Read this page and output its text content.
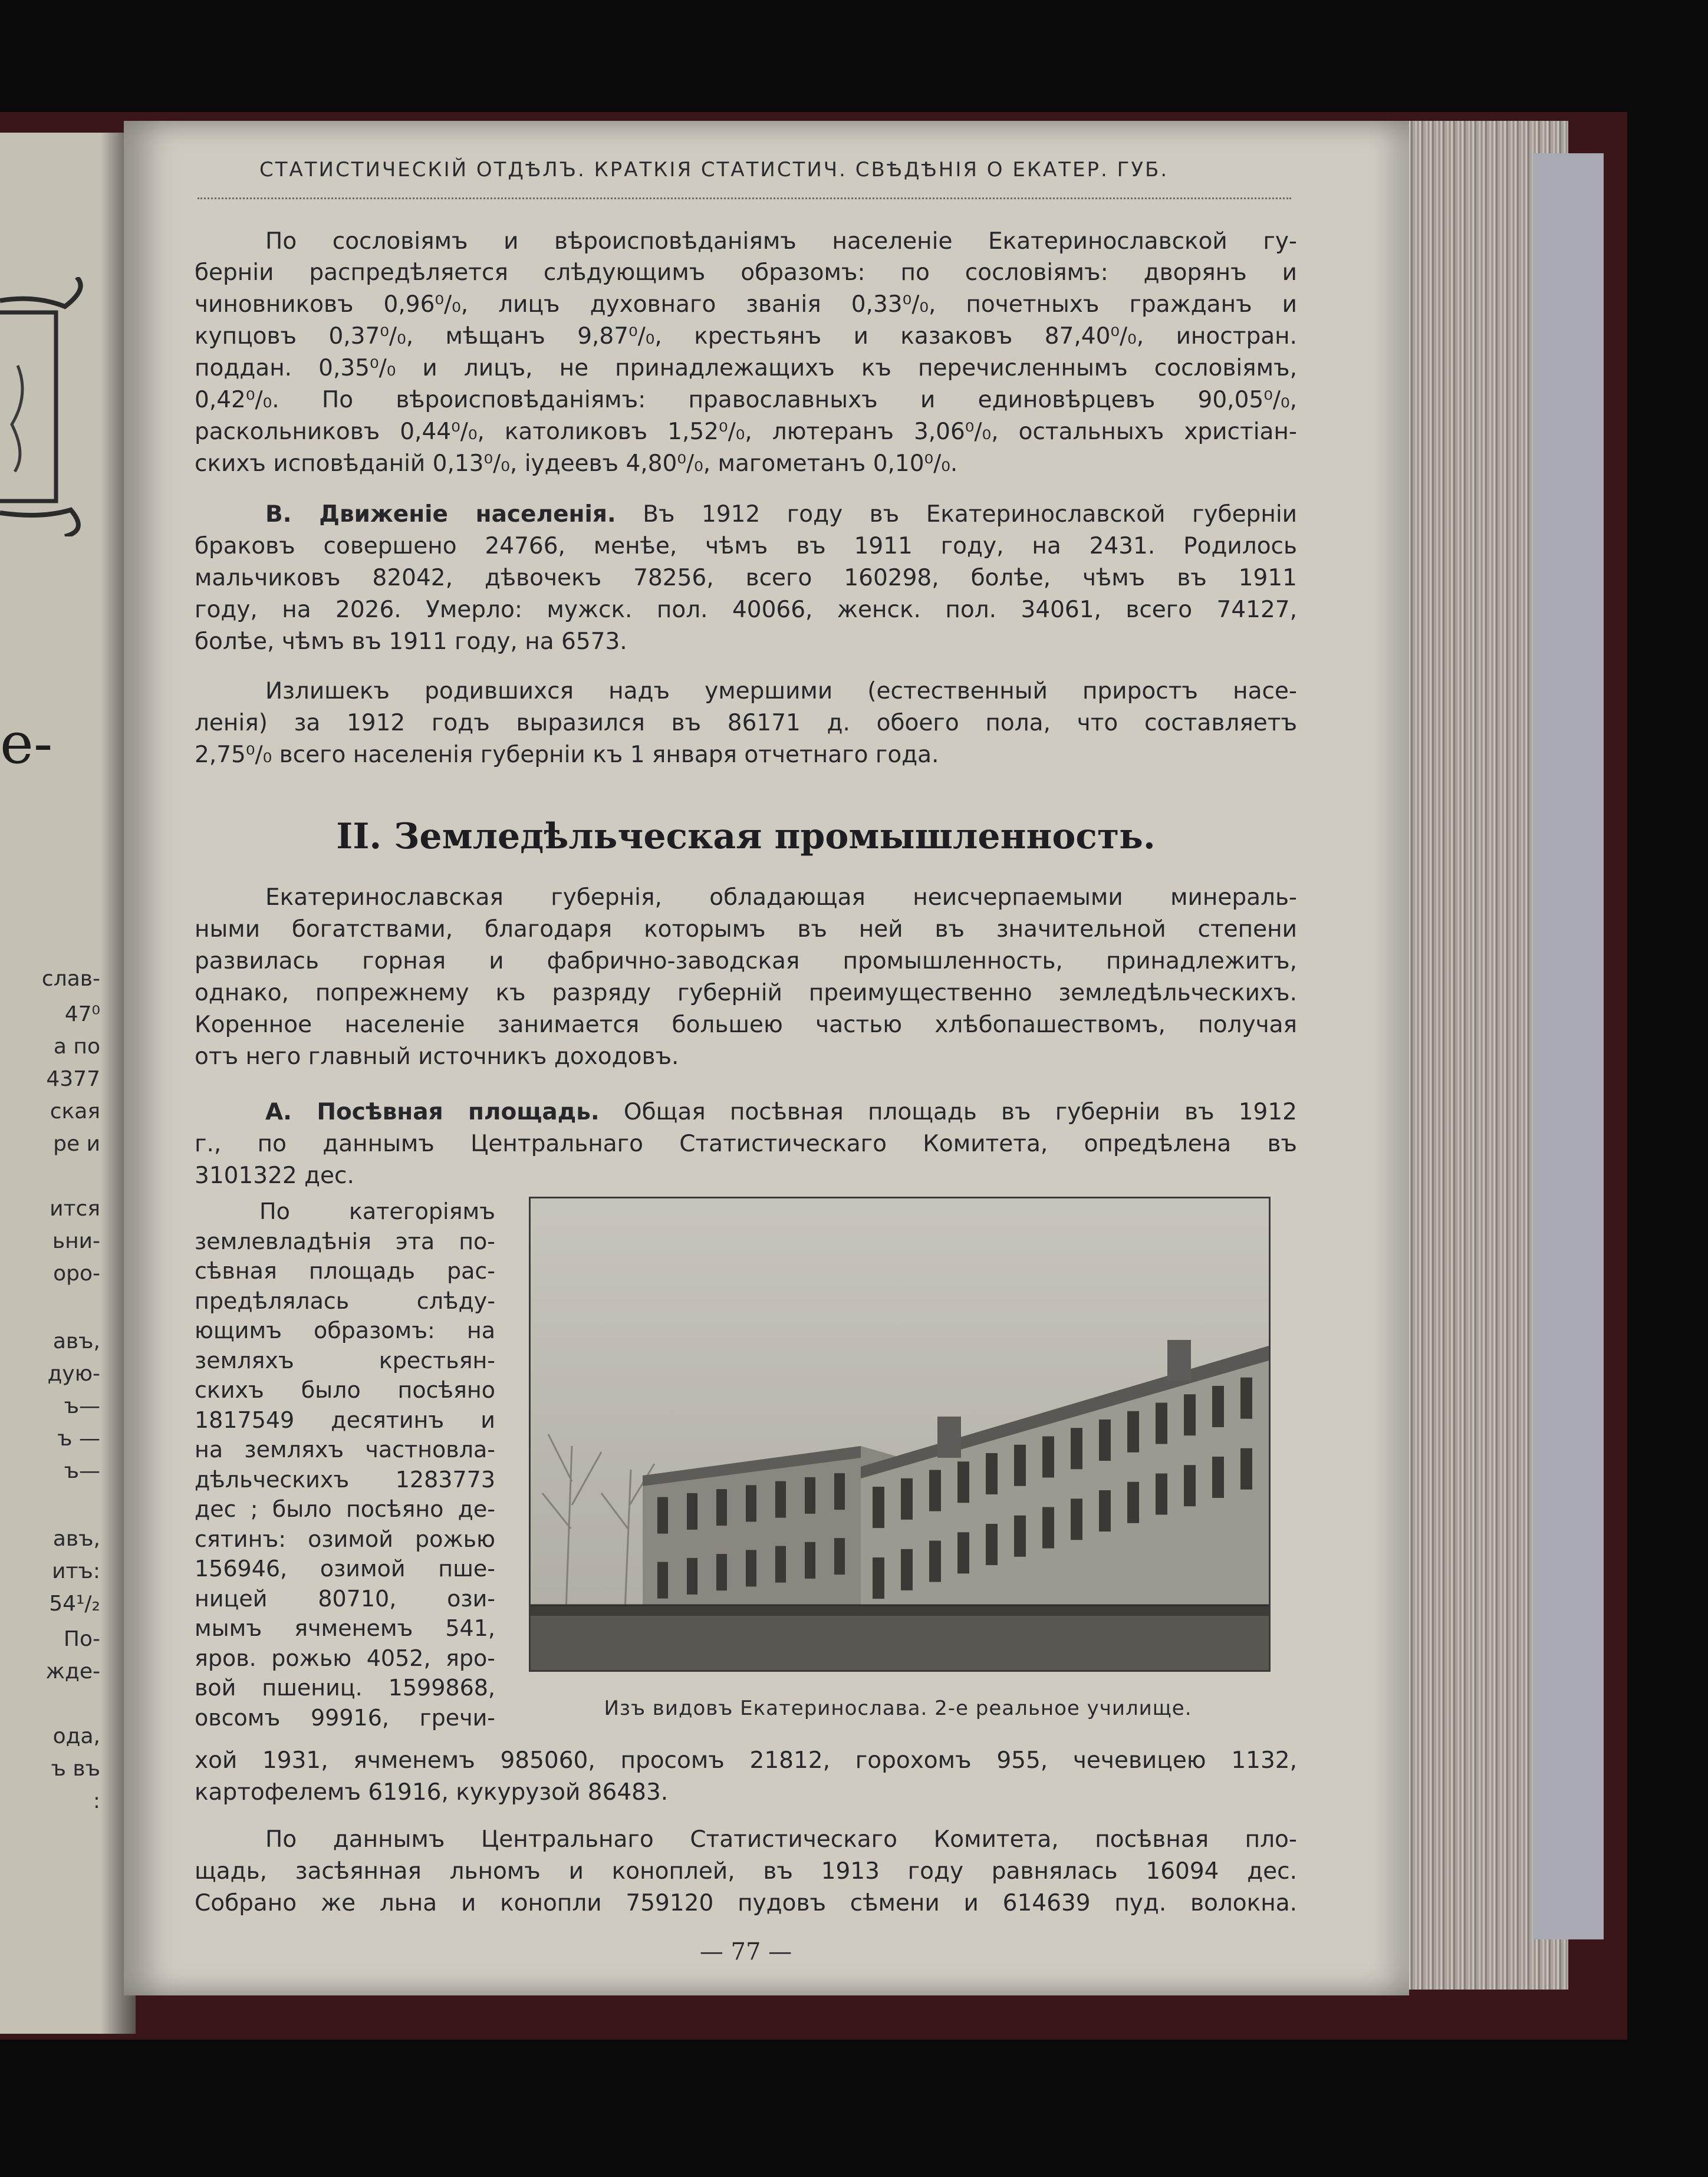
е-
слав-
47⁰
а по
4377
ская
ре и
ится
ьни-
оро-
авъ,
дую-
ъ—
ъ —
ъ—
авъ,
итъ:
54¹/₂
По-
жде-
ода,
ъ въ
:
СТАТИСТИЧЕСКІЙ ОТДѢЛЪ. КРАТКІЯ СТАТИСТИЧ. СВѢДѢНІЯ О ЕКАТЕР. ГУБ.
По сословіямъ и вѣроисповѣданіямъ населеніе Екатеринославской гу-
берніи распредѣляется слѣдующимъ образомъ: по сословіямъ: дворянъ и
чиновниковъ 0,96⁰/₀, лицъ духовнаго званія 0,33⁰/₀, почетныхъ гражданъ и
купцовъ 0,37⁰/₀, мѣщанъ 9,87⁰/₀, крестьянъ и казаковъ 87,40⁰/₀, иностран.
поддан. 0,35⁰/₀ и лицъ, не принадлежащихъ къ перечисленнымъ сословіямъ,
0,42⁰/₀. По вѣроисповѣданіямъ: православныхъ и единовѣрцевъ 90,05⁰/₀,
раскольниковъ 0,44⁰/₀, католиковъ 1,52⁰/₀, лютеранъ 3,06⁰/₀, остальныхъ христіан-
скихъ исповѣданій 0,13⁰/₀, іудеевъ 4,80⁰/₀, магометанъ 0,10⁰/₀.
В. Движеніе населенія. Въ 1912 году въ Екатеринославской губерніи
браковъ совершено 24766, менѣе, чѣмъ въ 1911 году, на 2431. Родилось
мальчиковъ 82042, дѣвочекъ 78256, всего 160298, болѣе, чѣмъ въ 1911
году, на 2026. Умерло: мужск. пол. 40066, женск. пол. 34061, всего 74127,
болѣе, чѣмъ въ 1911 году, на 6573.
Излишекъ родившихся надъ умершими (естественный приростъ насе-
ленія) за 1912 годъ выразился въ 86171 д. обоего пола, что составляетъ
2,75⁰/₀ всего населенія губерніи къ 1 января отчетнаго года.
II. Земледѣльческая промышленность.
Екатеринославская губернія, обладающая неисчерпаемыми минераль-
ными богатствами, благодаря которымъ въ ней въ значительной степени
развилась горная и фабрично-заводская промышленность, принадлежитъ,
однако, попрежнему къ разряду губерній преимущественно земледѣльческихъ.
Коренное населеніе занимается большею частью хлѣбопашествомъ, получая
отъ него главный источникъ доходовъ.
А. Посѣвная площадь. Общая посѣвная площадь въ губерніи въ 1912
г., по даннымъ Центральнаго Статистическаго Комитета, опредѣлена въ
3101322 дес.
По категоріямъ
землевладѣнія эта по-
сѣвная площадь рас-
предѣлялась слѣду-
ющимъ образомъ: на
земляхъ крестьян-
скихъ было посѣяно
1817549 десятинъ и
на земляхъ частновла-
дѣльческихъ 1283773
дес ; было посѣяно де-
сятинъ: озимой рожью
156946, озимой пше-
ницей 80710, ози-
мымъ ячменемъ 541,
яров. рожью 4052, яро-
вой пшениц. 1599868,
овсомъ 99916, гречи-	Изъ видовъ Екатеринослава. 2-е реальное училище.
хой 1931, ячменемъ 985060, просомъ 21812, горохомъ 955, чечевицею 1132,
картофелемъ 61916, кукурузой 86483.
По даннымъ Центральнаго Статистическаго Комитета, посѣвная пло-
щадь, засѣянная льномъ и коноплей, въ 1913 году равнялась 16094 дес.
Собрано же льна и конопли 759120 пудовъ сѣмени и 614639 пуд. волокна.
— 77 —
